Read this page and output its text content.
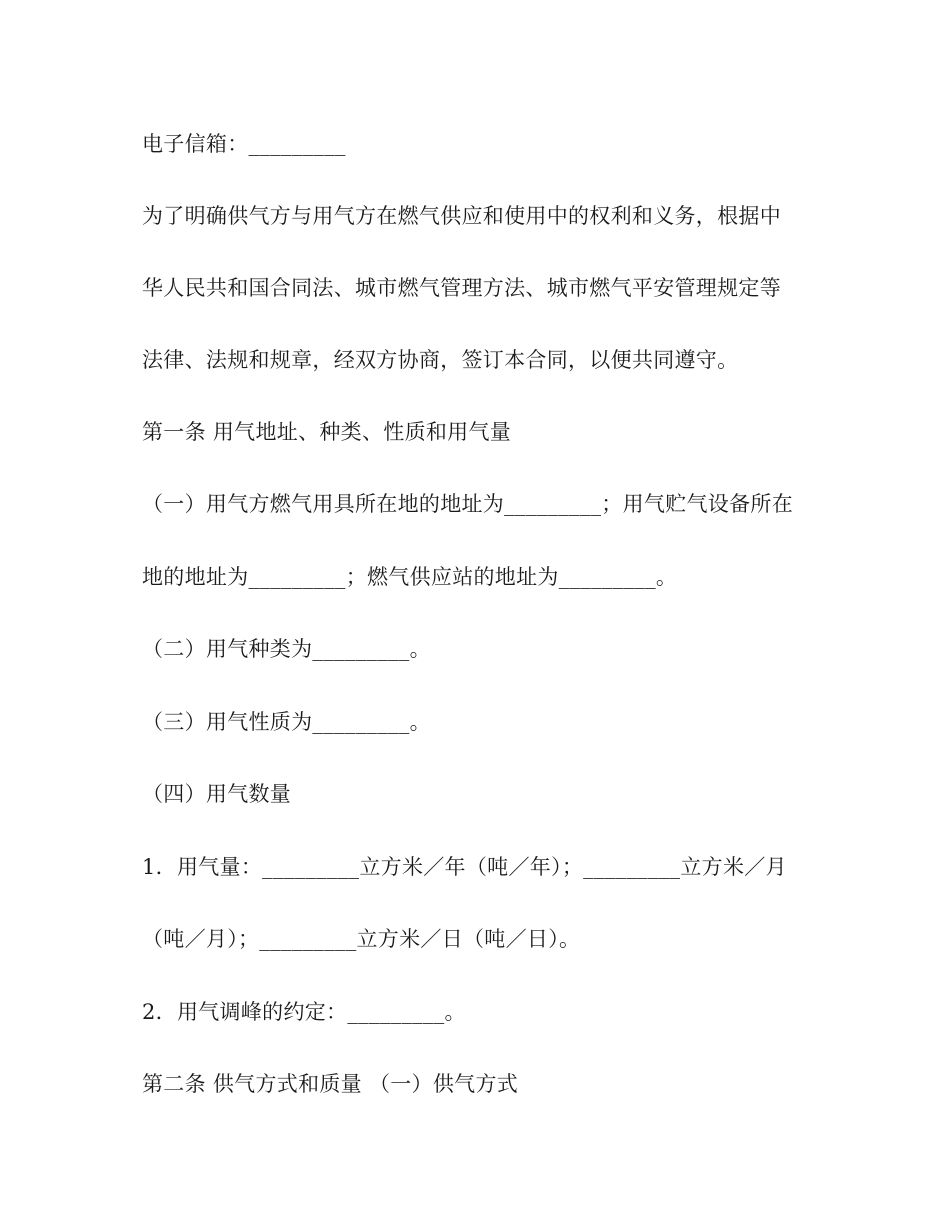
电子信箱：_________
为了明确供气方与用气方在燃气供应和使用中的权利和义务，根据中
华人民共和国合同法、城市燃气管理方法、城市燃气平安管理规定等
法律、法规和规章，经双方协商，签订本合同，以便共同遵守。
第一条 用气地址、种类、性质和用气量
（一）用气方燃气用具所在地的地址为_________；用气贮气设备所在
地的地址为_________；燃气供应站的地址为_________。
（二）用气种类为_________。
（三）用气性质为_________。
（四）用气数量
1．用气量：_________立方米／年（吨／年）；_________立方米／月
（吨／月）；_________立方米／日（吨／日）。
2．用气调峰的约定：_________。
第二条 供气方式和质量 （一）供气方式
